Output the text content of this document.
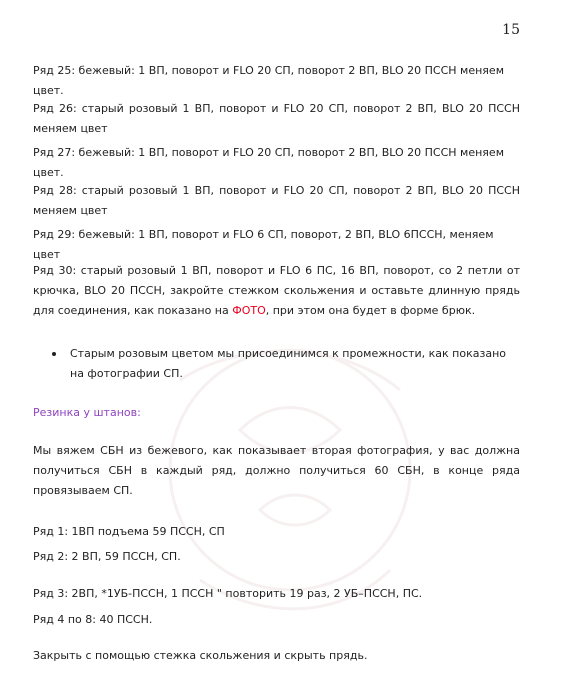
15

Ряд 25: бежевый: 1 ВП, поворот и FLO 20 СП, поворот 2 ВП, BLO 20 ПССН меняем цвет.

Ряд 26: старый розовый 1 ВП, поворот и FLO 20 СП, поворот 2 ВП, BLO 20 ПССН меняем цвет

Ряд 27: бежевый: 1 ВП, поворот и FLO 20 СП, поворот 2 ВП, BLO 20 ПССН меняем цвет.

Ряд 28: старый розовый 1 ВП, поворот и FLO 20 СП, поворот 2 ВП, BLO 20 ПССН меняем цвет

Ряд 29: бежевый: 1 ВП, поворот и FLO 6 СП, поворот, 2 ВП, BLO 6ПССН, меняем цвет

Ряд 30: старый розовый 1 ВП, поворот и FLO 6 ПС, 16 ВП, поворот, со 2 петли от крючка, BLO 20 ПССН, закройте стежком скольжения и оставьте длинную прядь для соединения, как показано на ФОТО, при этом она будет в форме брюк.

Старым розовым цветом мы присоединимся к промежности, как показано на фотографии СП.

Резинка у штанов:

Мы вяжем СБН из бежевого, как показывает вторая фотография, у вас должна получиться СБН в каждый ряд, должно получиться 60 СБН, в конце ряда провязываем СП.

Ряд 1: 1ВП подъема 59 ПССН, СП

Ряд 2: 2 ВП, 59 ПССН, СП.

Ряд 3: 2ВП, *1УБ-ПССН, 1 ПССН " повторить 19 раз, 2 УБ–ПССН, ПС.

Ряд 4 по 8: 40 ПССН.

Закрыть с помощью стежка скольжения и скрыть прядь.
